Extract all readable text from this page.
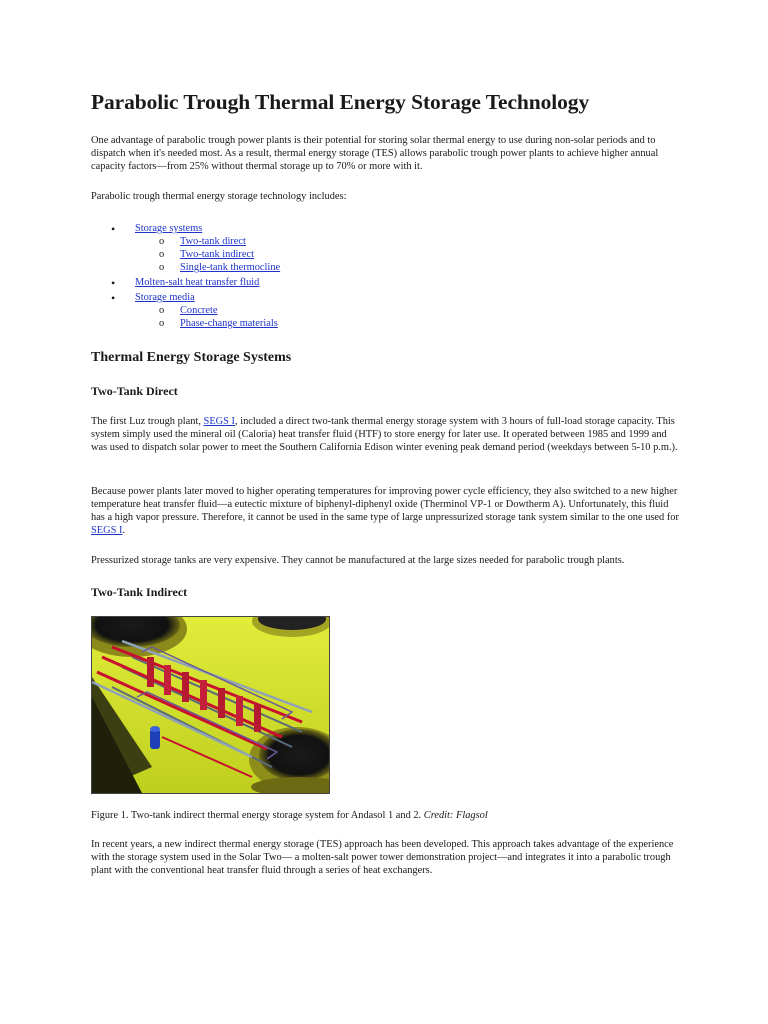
Parabolic Trough Thermal Energy Storage Technology

One advantage of parabolic trough power plants is their potential for storing solar thermal energy to use during non-solar periods and to dispatch when it's needed most. As a result, thermal energy storage (TES) allows parabolic trough power plants to achieve higher annual capacity factors—from 25% without thermal storage up to 70% or more with it.

Parabolic trough thermal energy storage technology includes:

• Storage systems
o Two-tank direct
o Two-tank indirect
o Single-tank thermocline
• Molten-salt heat transfer fluid
• Storage media
o Concrete
o Phase-change materials
Thermal Energy Storage Systems
Two-Tank Direct

The first Luz trough plant, SEGS I, included a direct two-tank thermal energy storage system with 3 hours of full-load storage capacity. This system simply used the mineral oil (Caloria) heat transfer fluid (HTF) to store energy for later use. It operated between 1985 and 1999 and was used to dispatch solar power to meet the Southern California Edison winter evening peak demand period (weekdays between 5-10 p.m.).

Because power plants later moved to higher operating temperatures for improving power cycle efficiency, they also switched to a new higher temperature heat transfer fluid—a eutectic mixture of biphenyl-diphenyl oxide (Therminol VP-1 or Dowtherm A). Unfortunately, this fluid has a high vapor pressure. Therefore, it cannot be used in the same type of large unpressurized storage tank system similar to the one used for SEGS I.

Pressurized storage tanks are very expensive. They cannot be manufactured at the large sizes needed for parabolic trough plants.

Two-Tank Indirect
Figure 1. Two-tank indirect thermal energy storage system for Andasol 1 and 2. Credit: Flagsol

In recent years, a new indirect thermal energy storage (TES) approach has been developed. This approach takes advantage of the experience with the storage system used in the Solar Two— a molten-salt power tower demonstration project—and integrates it into a parabolic trough plant with the conventional heat transfer fluid through a series of heat exchangers.
